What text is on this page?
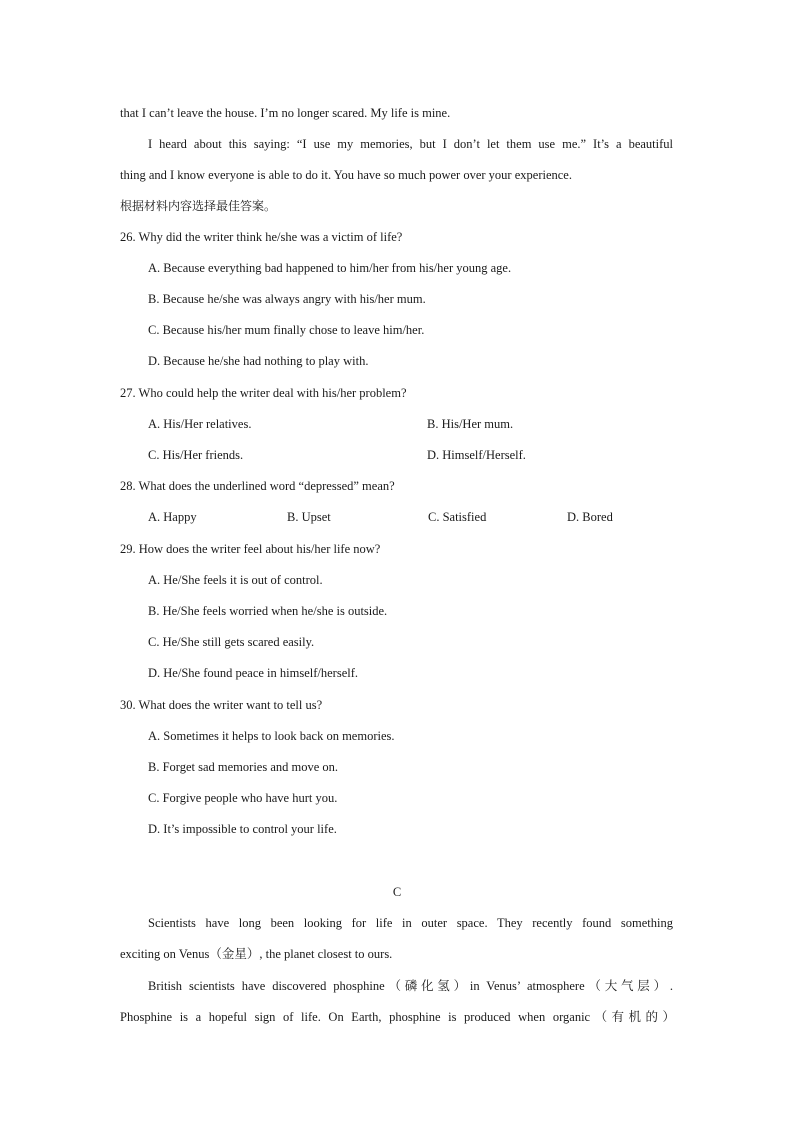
that I can’t leave the house. I’m no longer scared. My life is mine.
I heard about this saying: “I use my memories, but I don’t let them use me.” It’s a beautiful
thing and I know everyone is able to do it. You have so much power over your experience.
根据材料内容选择最佳答案。
26. Why did the writer think he/she was a victim of life?
A. Because everything bad happened to him/her from his/her young age.
B. Because he/she was always angry with his/her mum.
C. Because his/her mum finally chose to leave him/her.
D. Because he/she had nothing to play with.
27. Who could help the writer deal with his/her problem?
A. His/Her relatives.	B. His/Her mum.
C. His/Her friends.	D. Himself/Herself.
28. What does the underlined word “depressed” mean?
A. Happy	B. Upset	C. Satisfied	D. Bored
29. How does the writer feel about his/her life now?
A. He/She feels it is out of control.
B. He/She feels worried when he/she is outside.
C. He/She still gets scared easily.
D. He/She found peace in himself/herself.
30. What does the writer want to tell us?
A. Sometimes it helps to look back on memories.
B. Forget sad memories and move on.
C. Forgive people who have hurt you.
D. It’s impossible to control your life.
C
Scientists have long been looking for life in outer space. They recently found something
exciting on Venus（金星）, the planet closest to ours.
British scientists have discovered phosphine（磷化氢）in Venus’ atmosphere（大气层）.
Phosphine is a hopeful sign of life. On Earth, phosphine is produced when organic（有机的）
